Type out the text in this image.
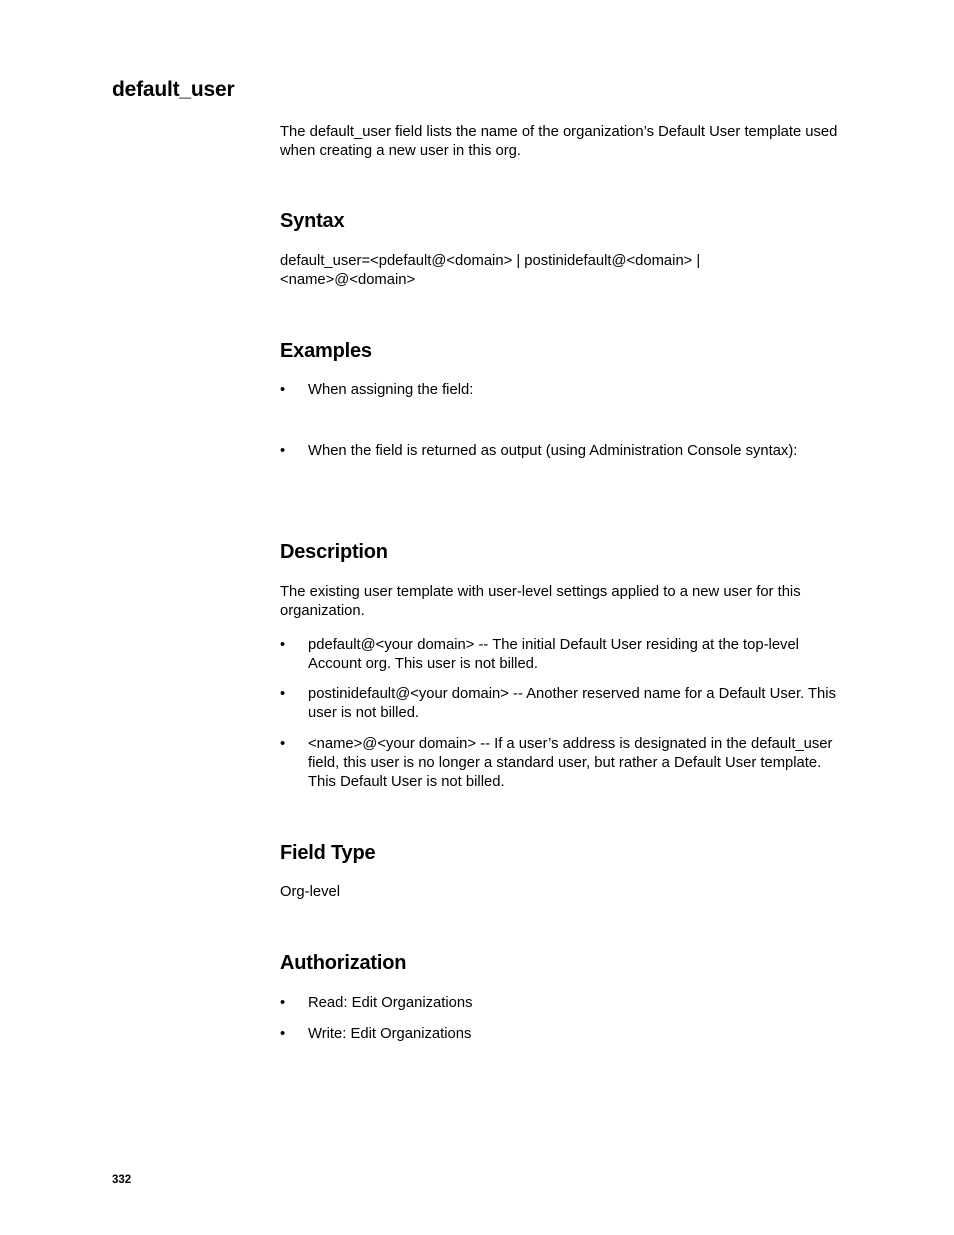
default_user

The default_user field lists the name of the organization’s Default User template used when creating a new user in this org.

Syntax
default_user=<pdefault@<domain> | postinidefault@<domain> |
<name>@<domain>
Examples
• When assigning the field:
• When the field is returned as output (using Administration Console syntax):
Description

The existing user template with user-level settings applied to a new user for this organization.

• pdefault@<your domain> -- The initial Default User residing at the top-level Account org. This user is not billed.
• postinidefault@<your domain> -- Another reserved name for a Default User. This user is not billed.
• <name>@<your domain> -- If a user’s address is designated in the default_user field, this user is no longer a standard user, but rather a Default User template. This Default User is not billed.
Field Type

Org-level

Authorization
• Read: Edit Organizations
• Write: Edit Organizations
332
